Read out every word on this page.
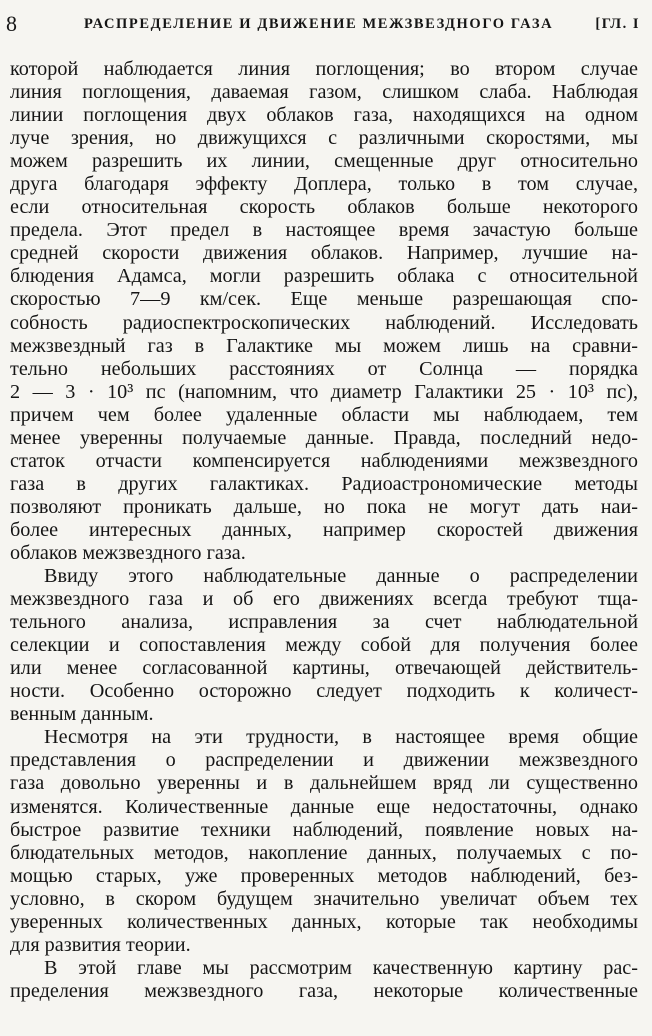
8	РАСПРЕДЕЛЕНИЕ И ДВИЖЕНИЕ МЕЖЗВЕЗДНОГО ГАЗА	[ГЛ. I
которой наблюдается линия поглощения; во втором случае
линия поглощения, даваемая газом, слишком слаба. Наблюдая
линии поглощения двух облаков газа, находящихся на одном
луче зрения, но движущихся с различными скоростями, мы
можем разрешить их линии, смещенные друг относительно
друга благодаря эффекту Доплера, только в том случае,
если относительная скорость облаков больше некоторого
предела. Этот предел в настоящее время зачастую больше
средней скорости движения облаков. Например, лучшие на-
блюдения Адамса, могли разрешить облака с относительной
скоростью 7—9 км/сек. Еще меньше разрешающая спо-
собность радиоспектроскопических наблюдений. Исследовать
межзвездный газ в Галактике мы можем лишь на сравни-
тельно небольших расстояниях от Солнца — порядка
2 — 3 · 10³ пс (напомним, что диаметр Галактики 25 · 10³ пс),
причем чем более удаленные области мы наблюдаем, тем
менее уверенны получаемые данные. Правда, последний недо-
статок отчасти компенсируется наблюдениями межзвездного
газа в других галактиках. Радиоастрономические методы
позволяют проникать дальше, но пока не могут дать наи-
более интересных данных, например скоростей движения
облаков межзвездного газа.
Ввиду этого наблюдательные данные о распределении
межзвездного газа и об его движениях всегда требуют тща-
тельного анализа, исправления за счет наблюдательной
селекции и сопоставления между собой для получения более
или менее согласованной картины, отвечающей действитель-
ности. Особенно осторожно следует подходить к количест-
венным данным.
Несмотря на эти трудности, в настоящее время общие
представления о распределении и движении межзвездного
газа довольно уверенны и в дальнейшем вряд ли существенно
изменятся. Количественные данные еще недостаточны, однако
быстрое развитие техники наблюдений, появление новых на-
блюдательных методов, накопление данных, получаемых с по-
мощью старых, уже проверенных методов наблюдений, без-
условно, в скором будущем значительно увеличат объем тех
уверенных количественных данных, которые так необходимы
для развития теории.
В этой главе мы рассмотрим качественную картину рас-
пределения межзвездного газа, некоторые количественные
